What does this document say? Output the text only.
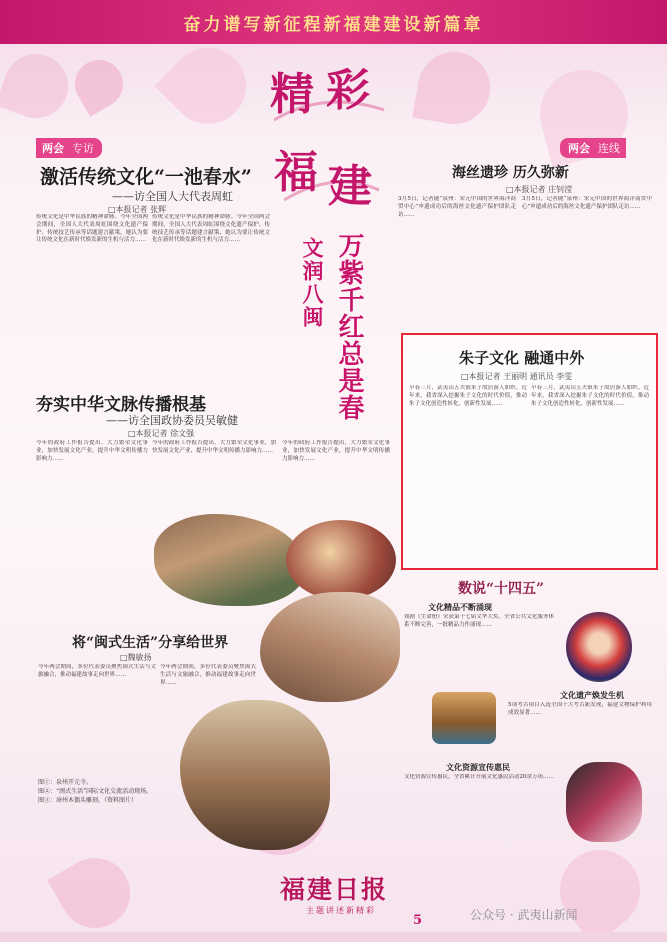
奋力谱写新征程新福建建设新篇章
精 彩
福 建
万紫千红总是春
文润八闽
两会 专访	两会 连线
激活传统文化“一池春水”
——访全国人大代表周虹
□本报记者 张辉
传统文化是中华民族的精神命脉。今年全国两会期间，全国人大代表周虹围绕文化遗产保护、传统技艺传承等话题建言献策，她认为要让传统文化在新时代焕发新的生机与活力……
传统文化是中华民族的精神命脉。今年全国两会期间，全国人大代表周虹围绕文化遗产保护、传统技艺传承等话题建言献策，她认为要让传统文化在新时代焕发新的生机与活力……
海丝遗珍 历久弥新
□本报记者 庄钊滢
3月5日，记者随“泉州：宋元中国的世界海洋商贸中心”申遗成功后的海丝文化遗产保护团队走访……
3月5日，记者随“泉州：宋元中国的世界海洋商贸中心”申遗成功后的海丝文化遗产保护团队走访……
夯实中华文脉传播根基
——访全国政协委员吴敏健
□本报记者 徐文强
今年的政府工作报告提出，大力繁荣文化事业，加快发展文化产业，提升中华文明传播力影响力……
今年的政府工作报告提出，大力繁荣文化事业，加快发展文化产业，提升中华文明传播力影响力……
今年的政府工作报告提出，大力繁荣文化事业，加快发展文化产业，提升中华文明传播力影响力……
朱子文化 融通中外
□本报记者 王丽明 通讯员 李雯
早春三月，武夷山五夫镇朱子故居游人如织。近年来，我省深入挖掘朱子文化的时代价值，推动朱子文化创造性转化、创新性发展……
早春三月，武夷山五夫镇朱子故居游人如织。近年来，我省深入挖掘朱子文化的时代价值，推动朱子文化创造性转化、创新性发展……
将“闽式生活”分享给世界
□魏敏扬
今年两会期间，多位代表委员聚焦闽式生活与文旅融合，推动福建故事走向世界……
今年两会期间，多位代表委员聚焦闽式生活与文旅融合，推动福建故事走向世界……
图①：泉州开元寺。
图②：“闽式生活”国际文化交流活动现场。
图③：漳州木偶头雕刻。（资料图片）
数说“十四五”
文化精品不断涌现
戏剧《生命册》荣获第十七届文华大奖。全省公共文化服务体系不断完善，一批精品力作涌现……
文化遗产焕发生机
5项考古项目入选全国十大考古新发现，福建文物保护利用成效显著……
文化资源宣传惠民
文化资源宣传惠民，全省累计开展文化惠民活动20余万场……
福建日报
主题讲述新精彩
5	公众号 · 武夷山新闻
